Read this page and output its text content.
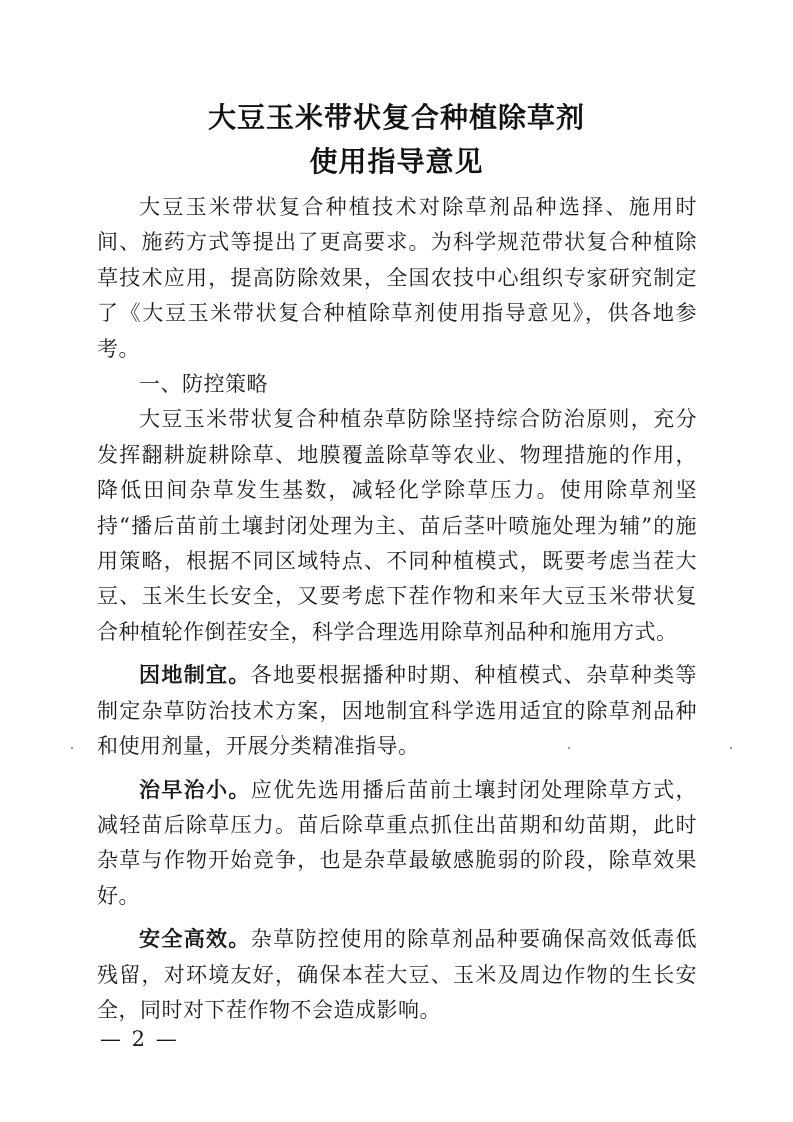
大豆玉米带状复合种植除草剂
使用指导意见

大豆玉米带状复合种植技术对除草剂品种选择、施用时间、施药方式等提出了更高要求。为科学规范带状复合种植除草技术应用，提高防除效果，全国农技中心组织专家研究制定了《大豆玉米带状复合种植除草剂使用指导意见》，供各地参考。

一、防控策略

大豆玉米带状复合种植杂草防除坚持综合防治原则，充分发挥翻耕旋耕除草、地膜覆盖除草等农业、物理措施的作用，降低田间杂草发生基数，减轻化学除草压力。使用除草剂坚持“播后苗前土壤封闭处理为主、苗后茎叶喷施处理为辅”的施用策略，根据不同区域特点、不同种植模式，既要考虑当茬大豆、玉米生长安全，又要考虑下茬作物和来年大豆玉米带状复合种植轮作倒茬安全，科学合理选用除草剂品种和施用方式。

因地制宜。各地要根据播种时期、种植模式、杂草种类等制定杂草防治技术方案，因地制宜科学选用适宜的除草剂品种和使用剂量，开展分类精准指导。

治早治小。应优先选用播后苗前土壤封闭处理除草方式，减轻苗后除草压力。苗后除草重点抓住出苗期和幼苗期，此时杂草与作物开始竞争，也是杂草最敏感脆弱的阶段，除草效果好。

安全高效。杂草防控使用的除草剂品种要确保高效低毒低残留，对环境友好，确保本茬大豆、玉米及周边作物的生长安全，同时对下茬作物不会造成影响。

— 2 —
